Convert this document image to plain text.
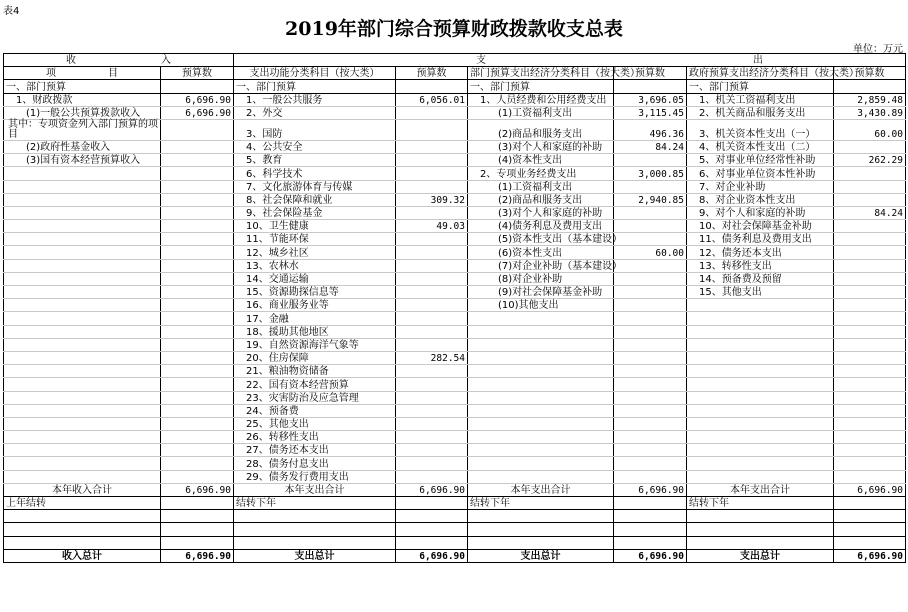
表4
2019年部门综合预算财政拨款收支总表
单位：万元
收 入		支 出					

项 目	预算数	支出功能分类科目（按大类）	预算数	部门预算支出经济分类科目（按大类）	预算数	政府预算支出经济分类科目（按大类）	预算数
一、部门预算		一、部门预算		一、部门预算		一、部门预算	
1、财政拨款	6,696.90	1、一般公共服务	6,056.01	1、人员经费和公用经费支出	3,696.05	1、机关工资福利支出	2,859.48
(1)一般公共预算拨款收入	6,696.90	2、外交		(1)工资福利支出	3,115.45	2、机关商品和服务支出	3,430.89
其中：专项资金列入部门预算的项目		3、国防		(2)商品和服务支出	496.36	3、机关资本性支出（一）	60.00
(2)政府性基金收入		4、公共安全		(3)对个人和家庭的补助	84.24	4、机关资本性支出（二）	
(3)国有资本经营预算收入		5、教育		(4)资本性支出		5、对事业单位经常性补助	262.29
		6、科学技术		2、专项业务经费支出	3,000.85	6、对事业单位资本性补助	
		7、文化旅游体育与传媒		(1)工资福利支出		7、对企业补助	
		8、社会保障和就业	309.32	(2)商品和服务支出	2,940.85	8、对企业资本性支出	
		9、社会保险基金		(3)对个人和家庭的补助		9、对个人和家庭的补助	84.24
		10、卫生健康	49.03	(4)债务利息及费用支出		10、对社会保障基金补助	
		11、节能环保		(5)资本性支出（基本建设）		11、债务利息及费用支出	
		12、城乡社区		(6)资本性支出	60.00	12、债务还本支出	
		13、农林水		(7)对企业补助（基本建设）		13、转移性支出	
		14、交通运输		(8)对企业补助		14、预备费及预留	
		15、资源勘探信息等		(9)对社会保障基金补助		15、其他支出	
		16、商业服务业等		(10)其他支出			
		17、金融					
		18、援助其他地区					
		19、自然资源海洋气象等					
		20、住房保障	282.54				
		21、粮油物资储备					
		22、国有资本经营预算					
		23、灾害防治及应急管理					
		24、预备费					
		25、其他支出					
		26、转移性支出					
		27、债务还本支出					
		28、债务付息支出					
		29、债务发行费用支出					
本年收入合计	6,696.90	本年支出合计	6,696.90	本年支出合计	6,696.90	本年支出合计	6,696.90
上年结转		结转下年		结转下年		结转下年	

收入总计	6,696.90	支出总计	6,696.90	支出总计	6,696.90	支出总计	6,696.90
